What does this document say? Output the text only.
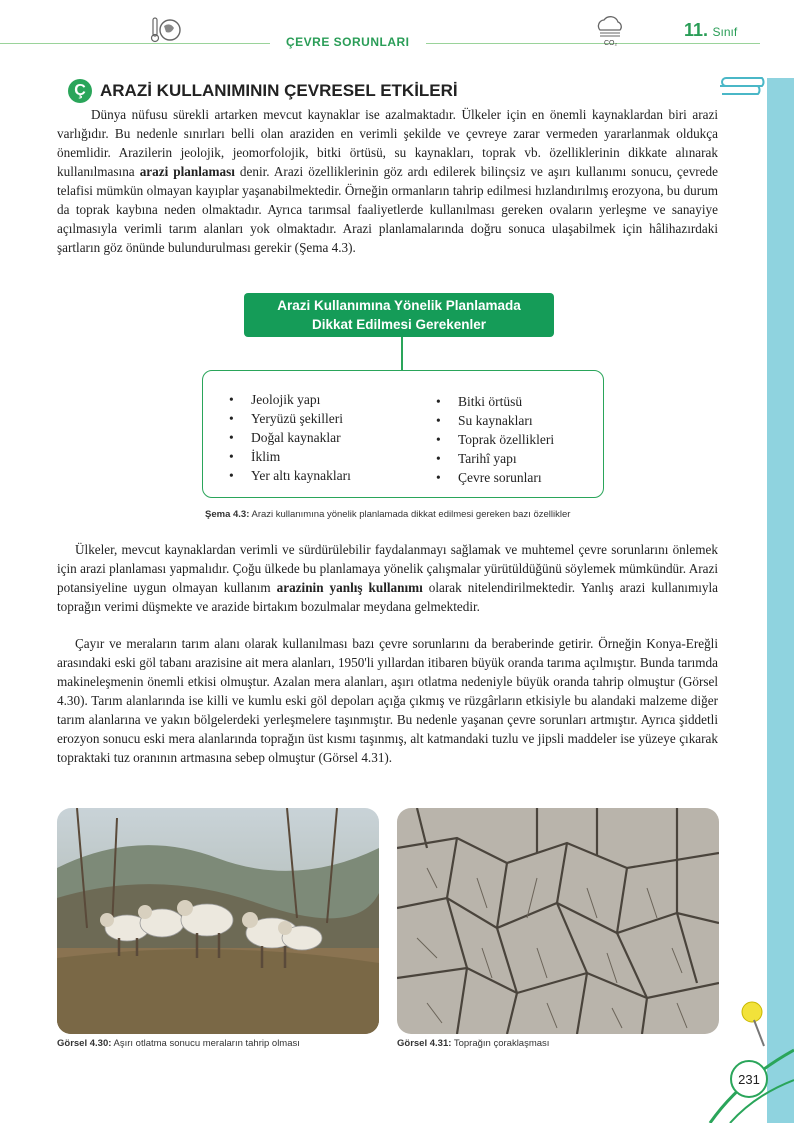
ÇEVRE SORUNLARI	CO₂
11. Sınıf
Ç ARAZİ KULLANIMININ ÇEVRESEL ETKİLERİ

Dünya nüfusu sürekli artarken mevcut kaynaklar ise azalmaktadır. Ülkeler için en önemli kaynaklardan biri arazi varlığıdır. Bu nedenle sınırları belli olan araziden en verimli şekilde ve çevreye zarar vermeden yararlanmak oldukça önemlidir. Arazilerin jeolojik, jeomorfolojik, bitki örtüsü, su kaynakları, toprak vb. özelliklerinin dikkate alınarak kullanılmasına arazi planlaması denir. Arazi özelliklerinin göz ardı edilerek bilinçsiz ve aşırı kullanımı sonucu, çevrede telafisi mümkün olmayan kayıplar yaşanabilmektedir. Örneğin ormanların tahrip edilmesi hızlandırılmış erozyona, bu durum da toprak kaybına neden olmaktadır. Ayrıca tarımsal faaliyetlerde kullanılması gereken ovaların yerleşme ve sanayiye açılmasıyla verimli tarım alanları yok olmaktadır. Arazi planlamalarında doğru sonuca ulaşabilmek için hâlihazırdaki şartların göz önünde bulundurulması gerekir (Şema 4.3).

Arazi Kullanımına Yönelik Planlamada
Dikkat Edilmesi Gerekenler
• Jeolojik yapı
• Yeryüzü şekilleri
• Doğal kaynaklar
• İklim
• Yer altı kaynakları
• Bitki örtüsü
• Su kaynakları
• Toprak özellikleri
• Tarihî yapı
• Çevre sorunları
Şema 4.3: Arazi kullanımına yönelik planlamada dikkat edilmesi gereken bazı özellikler

Ülkeler, mevcut kaynaklardan verimli ve sürdürülebilir faydalanmayı sağlamak ve muhtemel çevre sorunlarını önlemek için arazi planlaması yapmalıdır. Çoğu ülkede bu planlamaya yönelik çalışmalar yürütüldüğünü söylemek mümkündür. Arazi potansiyeline uygun olmayan kullanım arazinin yanlış kullanımı olarak nitelendirilmektedir. Yanlış arazi kullanımıyla toprağın verimi düşmekte ve arazide birtakım bozulmalar meydana gelmektedir.

Çayır ve meraların tarım alanı olarak kullanılması bazı çevre sorunlarını da beraberinde getirir. Örneğin Konya-Ereğli arasındaki eski göl tabanı arazisine ait mera alanları, 1950'li yıllardan itibaren büyük oranda tarıma açılmıştır. Bunda tarımda makineleşmenin önemli etkisi olmuştur. Azalan mera alanları, aşırı otlatma nedeniyle büyük oranda tahrip olmuştur (Görsel 4.30). Tarım alanlarında ise killi ve kumlu eski göl depoları açığa çıkmış ve rüzgârların etkisiyle bu alandaki malzeme diğer tarım alanlarına ve yakın bölgelerdeki yerleşmelere taşınmıştır. Bu nedenle yaşanan çevre sorunları artmıştır. Ayrıca şiddetli erozyon sonucu eski mera alanlarında toprağın üst kısmı taşınmış, alt katmandaki tuzlu ve jipsli maddeler ise yüzeye çıkarak topraktaki tuz oranının artmasına sebep olmuştur (Görsel 4.31).

Görsel 4.30: Aşırı otlatma sonucu meraların tahrip olması	Görsel 4.31: Toprağın çoraklaşması
231
